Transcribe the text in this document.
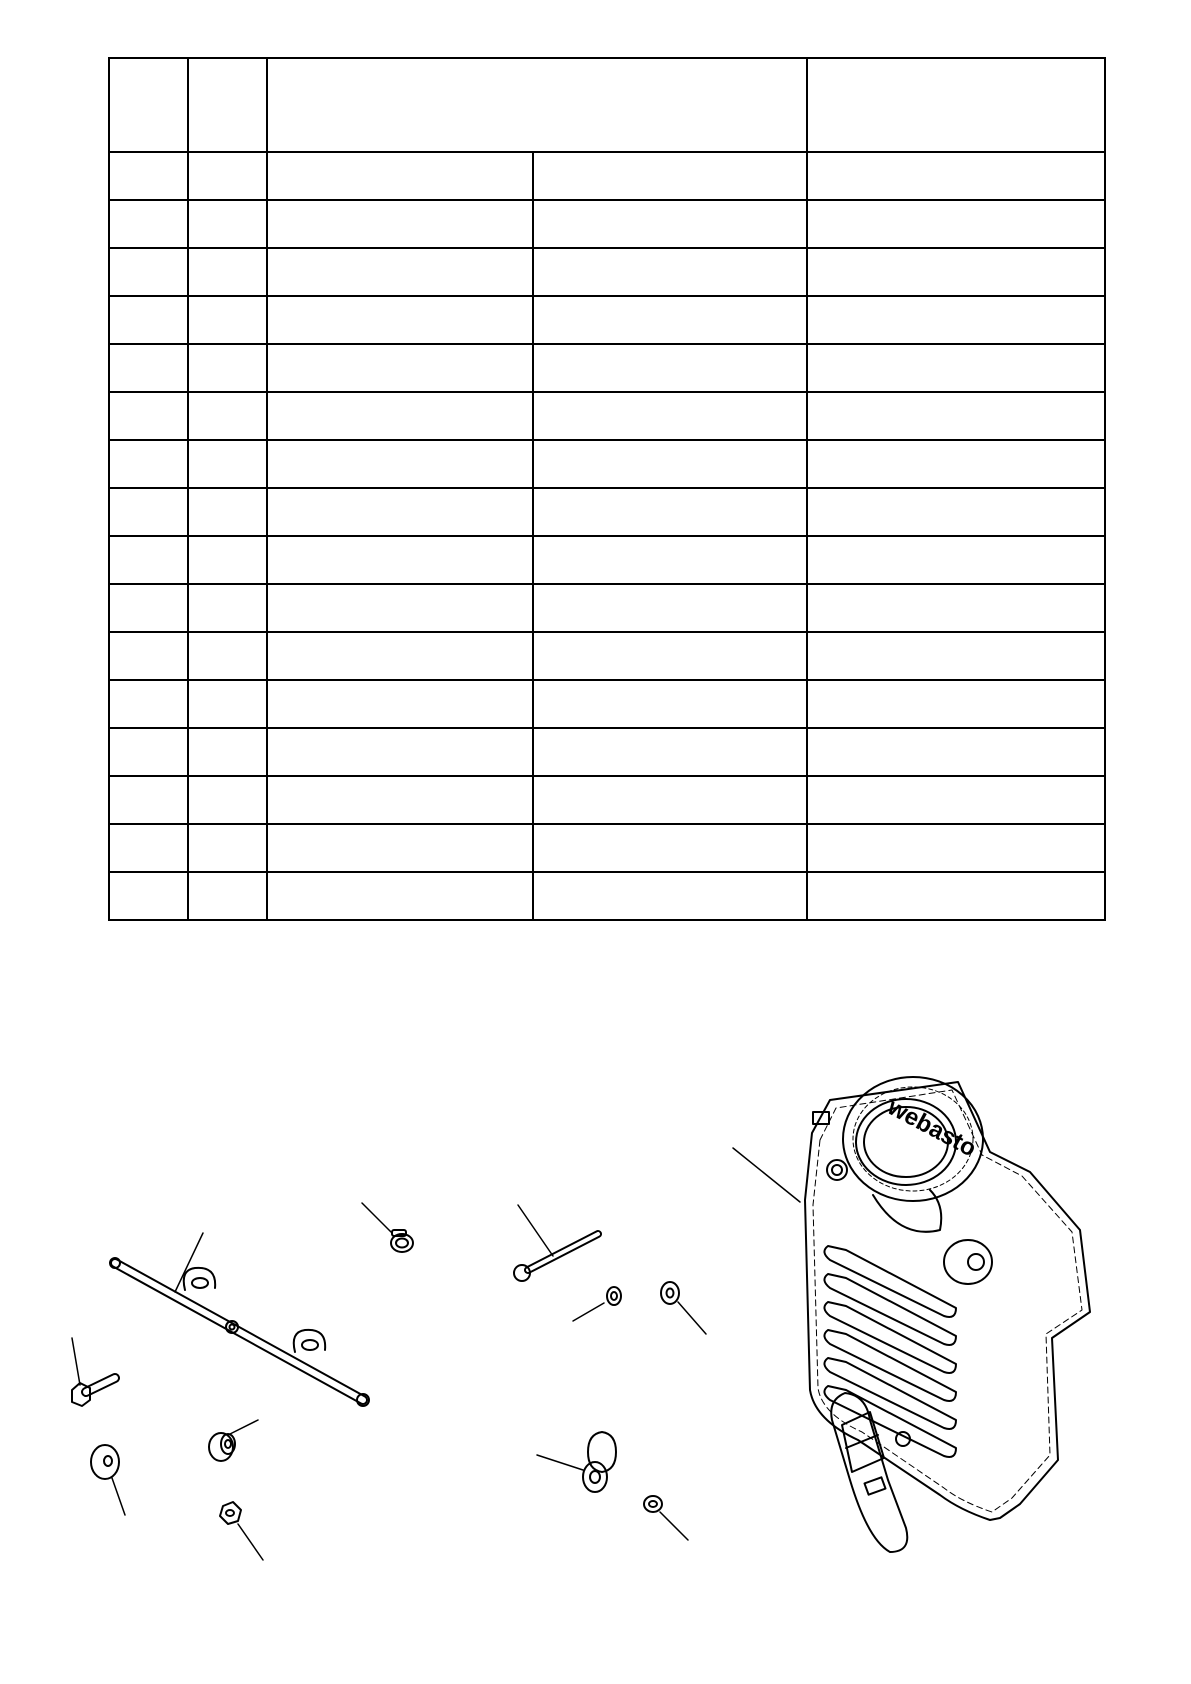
webasto
